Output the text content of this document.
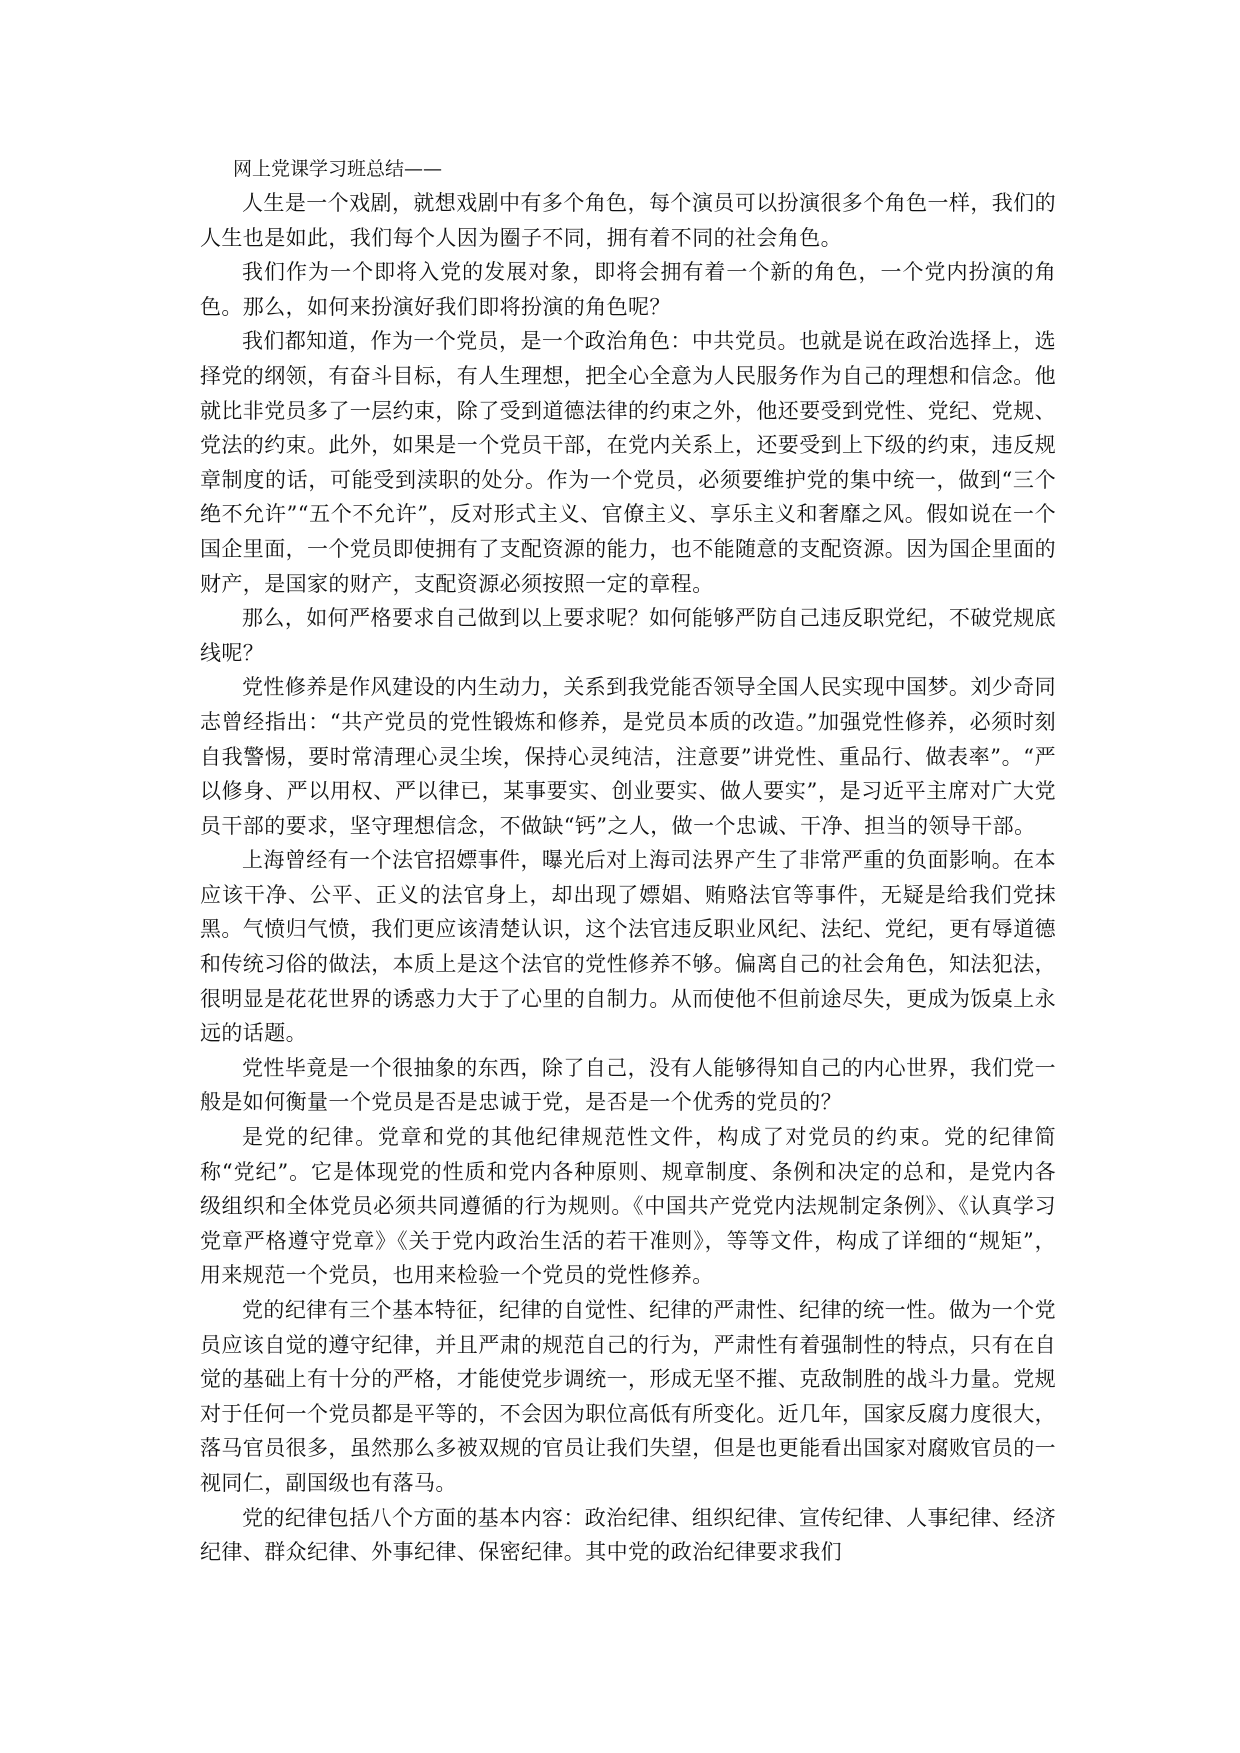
网上党课学习班总结——

人生是一个戏剧，就想戏剧中有多个角色，每个演员可以扮演很多个角色一样，我们的人生也是如此，我们每个人因为圈子不同，拥有着不同的社会角色。

我们作为一个即将入党的发展对象，即将会拥有着一个新的角色，一个党内扮演的角色。那么，如何来扮演好我们即将扮演的角色呢？

我们都知道，作为一个党员，是一个政治角色：中共党员。也就是说在政治选择上，选择党的纲领，有奋斗目标，有人生理想，把全心全意为人民服务作为自己的理想和信念。他就比非党员多了一层约束，除了受到道德法律的约束之外，他还要受到党性、党纪、党规、党法的约束。此外，如果是一个党员干部，在党内关系上，还要受到上下级的约束，违反规章制度的话，可能受到渎职的处分。作为一个党员，必须要维护党的集中统一，做到“三个绝不允许”“五个不允许”，反对形式主义、官僚主义、享乐主义和奢靡之风。假如说在一个国企里面，一个党员即使拥有了支配资源的能力，也不能随意的支配资源。因为国企里面的财产，是国家的财产，支配资源必须按照一定的章程。

那么，如何严格要求自己做到以上要求呢？如何能够严防自己违反职党纪，不破党规底线呢？

党性修养是作风建设的内生动力，关系到我党能否领导全国人民实现中国梦。刘少奇同志曾经指出：“共产党员的党性锻炼和修养，是党员本质的改造。”加强党性修养，必须时刻自我警惕，要时常清理心灵尘埃，保持心灵纯洁，注意要”讲党性、重品行、做表率”。“严以修身、严以用权、严以律已，某事要实、创业要实、做人要实”，是习近平主席对广大党员干部的要求，坚守理想信念，不做缺“钙”之人，做一个忠诚、干净、担当的领导干部。

上海曾经有一个法官招嫖事件，曝光后对上海司法界产生了非常严重的负面影响。在本应该干净、公平、正义的法官身上，却出现了嫖娼、贿赂法官等事件，无疑是给我们党抹黑。气愤归气愤，我们更应该清楚认识，这个法官违反职业风纪、法纪、党纪，更有辱道德和传统习俗的做法，本质上是这个法官的党性修养不够。偏离自己的社会角色，知法犯法，很明显是花花世界的诱惑力大于了心里的自制力。从而使他不但前途尽失，更成为饭桌上永远的话题。

党性毕竟是一个很抽象的东西，除了自己，没有人能够得知自己的内心世界，我们党一般是如何衡量一个党员是否是忠诚于党，是否是一个优秀的党员的？

是党的纪律。党章和党的其他纪律规范性文件，构成了对党员的约束。党的纪律简称“党纪”。它是体现党的性质和党内各种原则、规章制度、条例和决定的总和，是党内各级组织和全体党员必须共同遵循的行为规则。《中国共产党党内法规制定条例》、《认真学习党章严格遵守党章》《关于党内政治生活的若干准则》，等等文件，构成了详细的“规矩”，用来规范一个党员，也用来检验一个党员的党性修养。

党的纪律有三个基本特征，纪律的自觉性、纪律的严肃性、纪律的统一性。做为一个党员应该自觉的遵守纪律，并且严肃的规范自己的行为，严肃性有着强制性的特点，只有在自觉的基础上有十分的严格，才能使党步调统一，形成无坚不摧、克敌制胜的战斗力量。党规对于任何一个党员都是平等的，不会因为职位高低有所变化。近几年，国家反腐力度很大，落马官员很多，虽然那么多被双规的官员让我们失望，但是也更能看出国家对腐败官员的一视同仁，副国级也有落马。

党的纪律包括八个方面的基本内容：政治纪律、组织纪律、宣传纪律、人事纪律、经济纪律、群众纪律、外事纪律、保密纪律。其中党的政治纪律要求我们
